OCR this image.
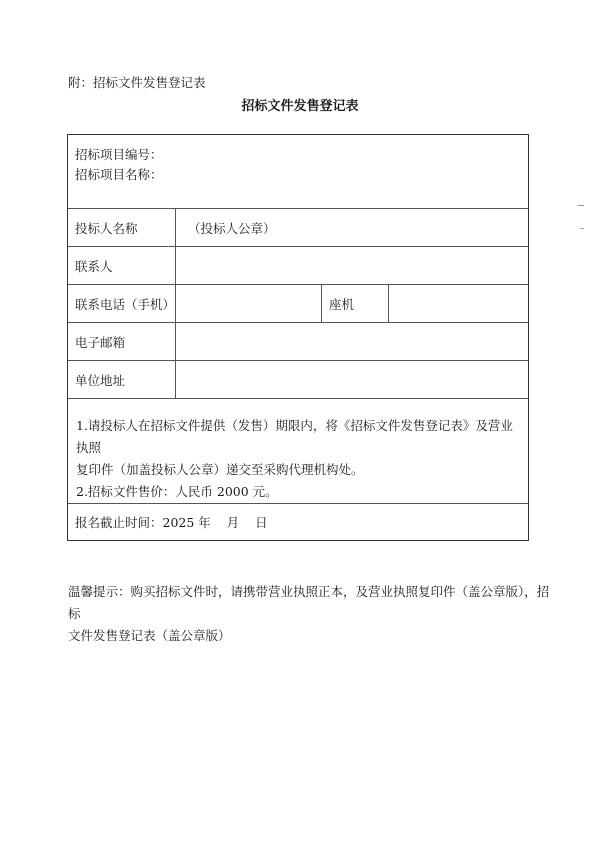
附：招标文件发售登记表
招标文件发售登记表
招标项目编号：
招标项目名称：
投标人名称	（投标人公章）
联系人
联系电话（手机）	座机
电子邮箱
单位地址

1.请投标人在招标文件提供（发售）期限内，将《招标文件发售登记表》及营业执照

复印件（加盖投标人公章）递交至采购代理机构处。

2.招标文件售价：人民币 2000 元。

报名截止时间：2025 年    月    日

温馨提示：购买招标文件时，请携带营业执照正本，及营业执照复印件（盖公章版），招标

文件发售登记表（盖公章版）
